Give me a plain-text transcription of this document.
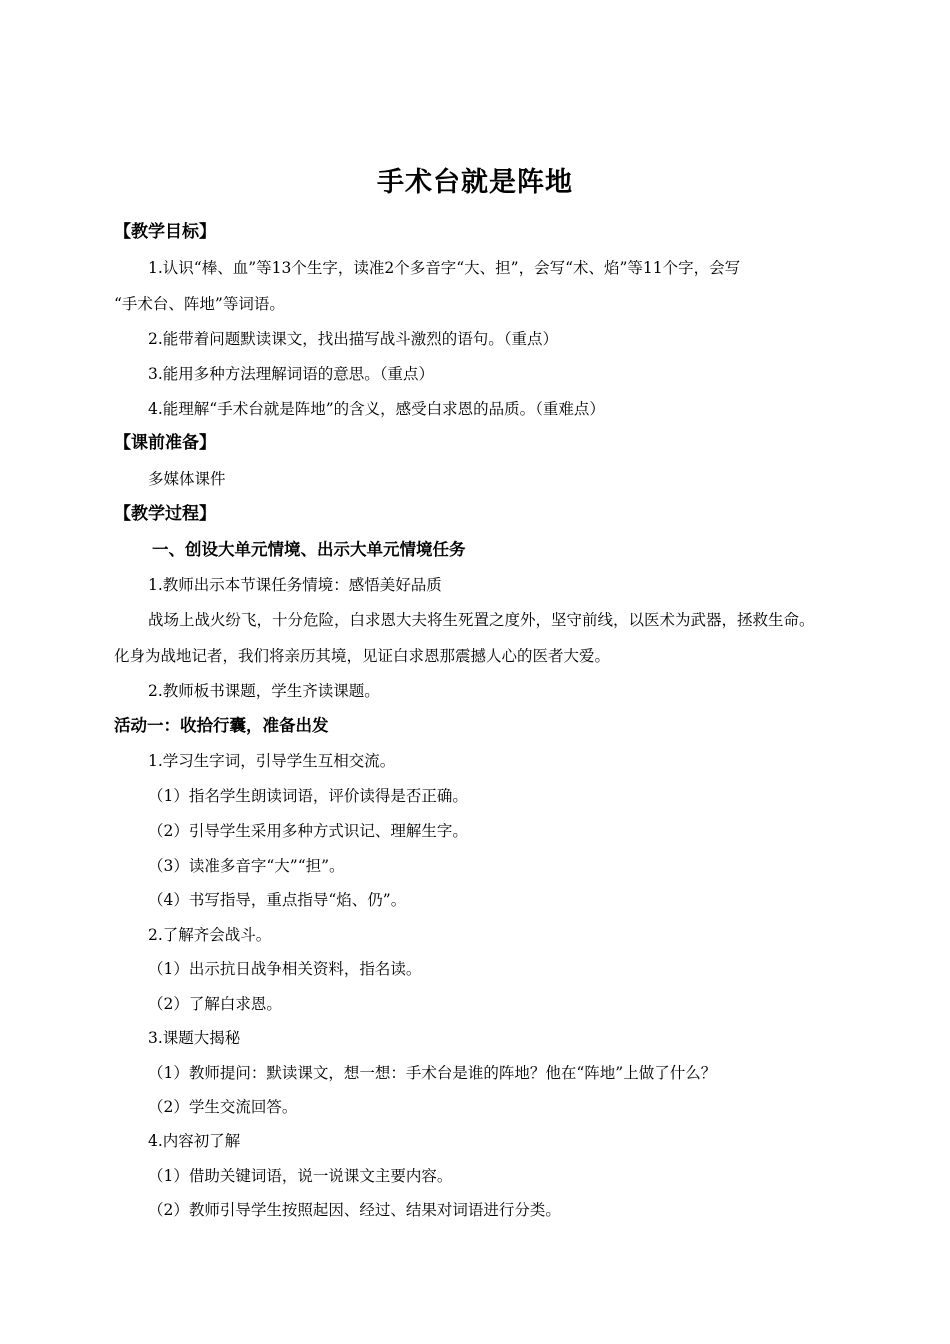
手术台就是阵地
【教学目标】
1.认识“棒、血”等13个生字，读准2个多音字“大、担”，会写“术、焰”等11个字，会写
“手术台、阵地”等词语。
2.能带着问题默读课文，找出描写战斗激烈的语句。（重点）
3.能用多种方法理解词语的意思。（重点）
4.能理解“手术台就是阵地”的含义，感受白求恩的品质。（重难点）
【课前准备】
多媒体课件
【教学过程】
一、创设大单元情境、出示大单元情境任务
1.教师出示本节课任务情境：感悟美好品质
战场上战火纷飞，十分危险，白求恩大夫将生死置之度外，坚守前线，以医术为武器，拯救生命。
化身为战地记者，我们将亲历其境，见证白求恩那震撼人心的医者大爱。
2.教师板书课题，学生齐读课题。
活动一：收拾行囊，准备出发
1.学习生字词，引导学生互相交流。
（1）指名学生朗读词语，评价读得是否正确。
（2）引导学生采用多种方式识记、理解生字。
（3）读准多音字“大”“担”。
（4）书写指导，重点指导“焰、仍”。
2.了解齐会战斗。
（1）出示抗日战争相关资料，指名读。
（2）了解白求恩。
3.课题大揭秘
（1）教师提问：默读课文，想一想：手术台是谁的阵地？他在“阵地”上做了什么？
（2）学生交流回答。
4.内容初了解
（1）借助关键词语，说一说课文主要内容。
（2）教师引导学生按照起因、经过、结果对词语进行分类。
